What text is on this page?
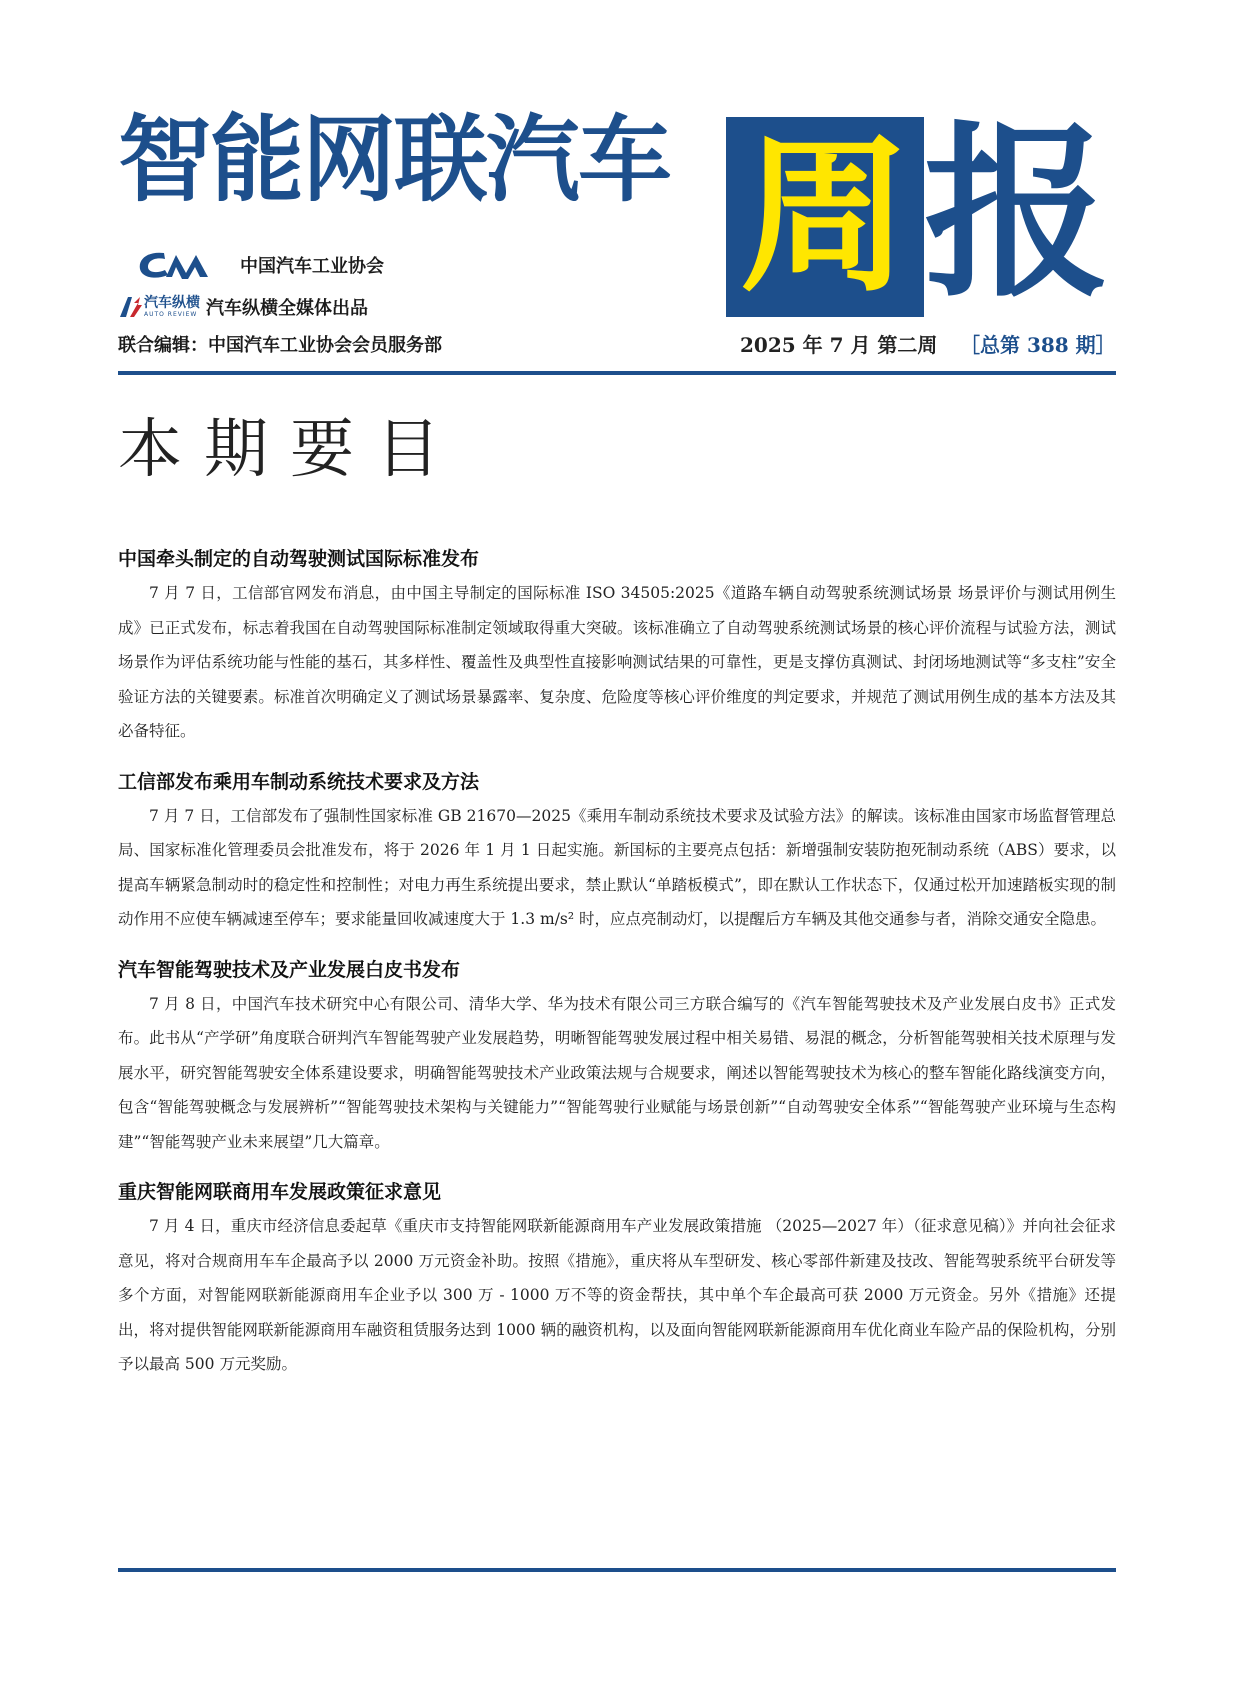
智能网联汽车 周 报
中国汽车工业协会
汽车纵横
AUTO REVIEW 汽车纵横全媒体出品
联合编辑：中国汽车工业协会会员服务部	2025 年 7 月 第二周 ［总第 388 期］
本期要目
中国牵头制定的自动驾驶测试国际标准发布

7 月 7 日，工信部官网发布消息，由中国主导制定的国际标准 ISO 34505:2025《道路车辆自动驾驶系统测试场景 场景评价与测试用例生成》已正式发布，标志着我国在自动驾驶国际标准制定领域取得重大突破。该标准确立了自动驾驶系统测试场景的核心评价流程与试验方法，测试场景作为评估系统功能与性能的基石，其多样性、覆盖性及典型性直接影响测试结果的可靠性，更是支撑仿真测试、封闭场地测试等“多支柱”安全验证方法的关键要素。标准首次明确定义了测试场景暴露率、复杂度、危险度等核心评价维度的判定要求，并规范了测试用例生成的基本方法及其必备特征。

工信部发布乘用车制动系统技术要求及方法

7 月 7 日，工信部发布了强制性国家标准 GB 21670—2025《乘用车制动系统技术要求及试验方法》的解读。该标准由国家市场监督管理总局、国家标准化管理委员会批准发布，将于 2026 年 1 月 1 日起实施。新国标的主要亮点包括：新增强制安装防抱死制动系统（ABS）要求，以提高车辆紧急制动时的稳定性和控制性；对电力再生系统提出要求，禁止默认“单踏板模式”，即在默认工作状态下，仅通过松开加速踏板实现的制动作用不应使车辆减速至停车；要求能量回收减速度大于 1.3 m/s² 时，应点亮制动灯，以提醒后方车辆及其他交通参与者，消除交通安全隐患。

汽车智能驾驶技术及产业发展白皮书发布

7 月 8 日，中国汽车技术研究中心有限公司、清华大学、华为技术有限公司三方联合编写的《汽车智能驾驶技术及产业发展白皮书》正式发布。此书从“产学研”角度联合研判汽车智能驾驶产业发展趋势，明晰智能驾驶发展过程中相关易错、易混的概念，分析智能驾驶相关技术原理与发展水平，研究智能驾驶安全体系建设要求，明确智能驾驶技术产业政策法规与合规要求，阐述以智能驾驶技术为核心的整车智能化路线演变方向，包含“智能驾驶概念与发展辨析”“智能驾驶技术架构与关键能力”“智能驾驶行业赋能与场景创新”“自动驾驶安全体系”“智能驾驶产业环境与生态构建”“智能驾驶产业未来展望”几大篇章。

重庆智能网联商用车发展政策征求意见

7 月 4 日，重庆市经济信息委起草《重庆市支持智能网联新能源商用车产业发展政策措施 （2025—2027 年）（征求意见稿）》并向社会征求意见，将对合规商用车车企最高予以 2000 万元资金补助。按照《措施》，重庆将从车型研发、核心零部件新建及技改、智能驾驶系统平台研发等多个方面，对智能网联新能源商用车企业予以 300 万 - 1000 万不等的资金帮扶，其中单个车企最高可获 2000 万元资金。另外《措施》还提出，将对提供智能网联新能源商用车融资租赁服务达到 1000 辆的融资机构，以及面向智能网联新能源商用车优化商业车险产品的保险机构，分别予以最高 500 万元奖励。
